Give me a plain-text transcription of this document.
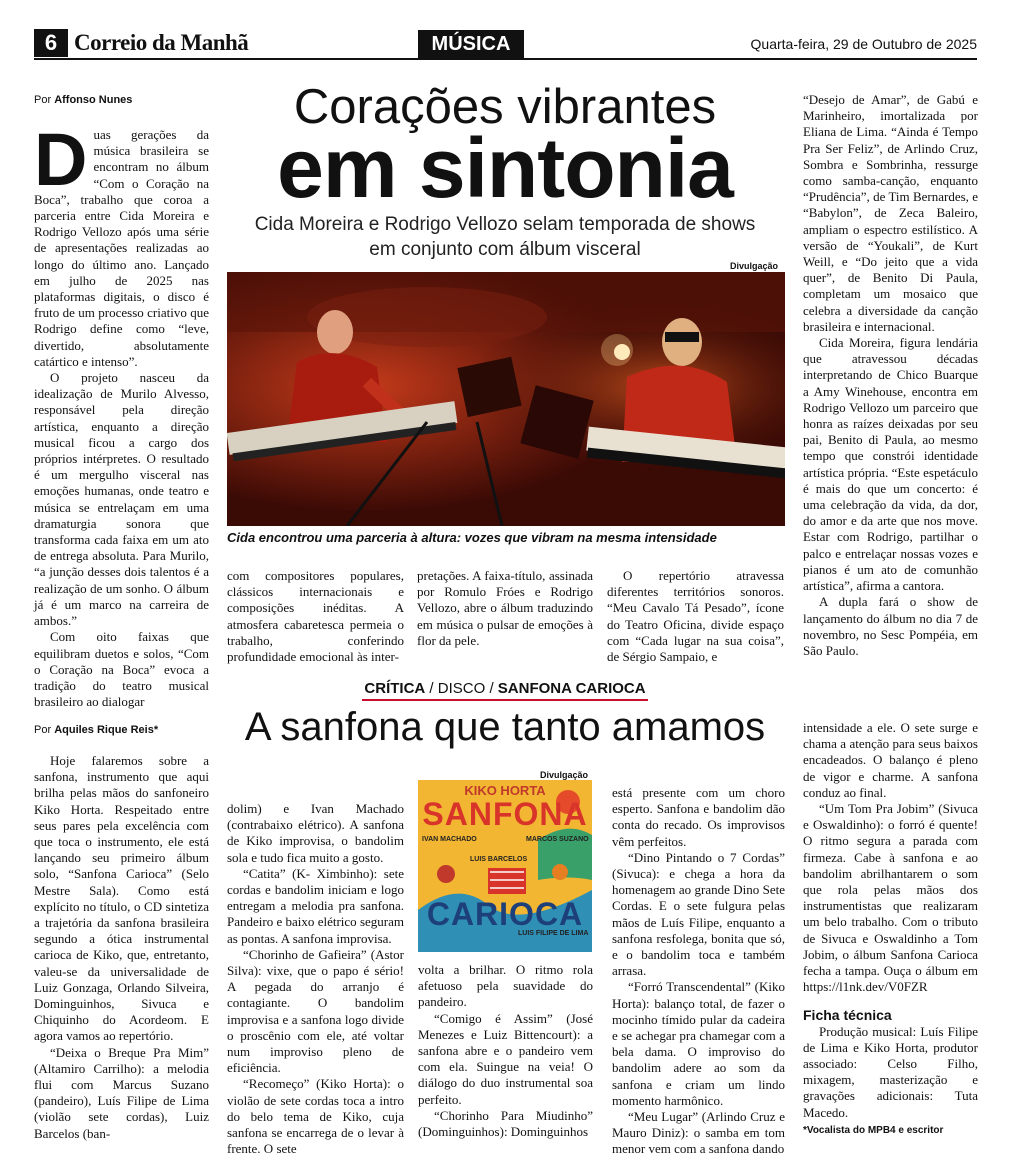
6 Correio da Manhã	MÚSICA	Quarta-feira, 29 de Outubro de 2025
Por Affonso Nunes	Corações vibrantes
em sintonia
Cida Moreira e Rodrigo Vellozo selam temporada de shows em conjunto com álbum visceral
Divulgação
Cida encontrou uma parceria à altura: vozes que vibram na mesma intensidade

Duas gerações da música brasileira se encontram no álbum “Com o Coração na Boca”, trabalho que coroa a parceria entre Cida Moreira e Rodrigo Vellozo após uma série de apresentações realizadas ao longo do último ano. Lançado em julho de 2025 nas plataformas digitais, o disco é fruto de um processo criativo que Rodrigo define como “leve, divertido, absolutamente catártico e intenso”.

O projeto nasceu da idealização de Murilo Alvesso, responsável pela direção artística, enquanto a direção musical ficou a cargo dos próprios intérpretes. O resultado é um mergulho visceral nas emoções humanas, onde teatro e música se entrelaçam em uma dramaturgia sonora que transforma cada faixa em um ato de entrega absoluta. Para Murilo, “a junção desses dois talentos é a realização de um sonho. O álbum já é um marco na carreira de ambos.”

Com oito faixas que equilibram duetos e solos, “Com o Coração na Boca” evoca a tradição do teatro musical brasileiro ao dialogar

com compositores populares, clássicos internacionais e composições inéditas. A atmosfera cabaretesca permeia o trabalho, conferindo profundidade emocional às inter-

pretações. A faixa-título, assinada por Romulo Fróes e Rodrigo Vellozo, abre o álbum traduzindo em música o pulsar de emoções à flor da pele.

O repertório atravessa diferentes territórios sonoros. “Meu Cavalo Tá Pesado”, ícone do Teatro Oficina, divide espaço com “Cada lugar na sua coisa”, de Sérgio Sampaio, e

“Desejo de Amar”, de Gabú e Marinheiro, imortalizada por Eliana de Lima. “Ainda é Tempo Pra Ser Feliz”, de Arlindo Cruz, Sombra e Sombrinha, ressurge como samba-canção, enquanto “Prudência”, de Tim Bernardes, e “Babylon”, de Zeca Baleiro, ampliam o espectro estilístico. A versão de “Youkali”, de Kurt Weill, e “Do jeito que a vida quer”, de Benito Di Paula, completam um mosaico que celebra a diversidade da canção brasileira e internacional.

Cida Moreira, figura lendária que atravessou décadas interpretando de Chico Buarque a Amy Winehouse, encontra em Rodrigo Vellozo um parceiro que honra as raízes deixadas por seu pai, Benito di Paula, ao mesmo tempo que constrói identidade artística própria. “Este espetáculo é mais do que um concerto: é uma celebração da vida, da dor, do amor e da arte que nos move. Estar com Rodrigo, partilhar o palco e entrelaçar nossas vozes e pianos é um ato de comunhão artística”, afirma a cantora.

A dupla fará o show de lançamento do álbum no dia 7 de novembro, no Sesc Pompéia, em São Paulo.

CRÍTICA / DISCO / SANFONA CARIOCA
A sanfona que tanto amamos
Por Aquiles Rique Reis*
Divulgação
KIKO HORTA
SANFONA
CARIOCA
IVAN MACHADO	MARCOS SUZANO
LUIS BARCELOS
LUIS FILIPE DE LIMA

Hoje falaremos sobre a sanfona, instrumento que aqui brilha pelas mãos do sanfoneiro Kiko Horta. Respeitado entre seus pares pela excelência com que toca o instrumento, ele está lançando seu primeiro álbum solo, “Sanfona Carioca” (Selo Mestre Sala). Como está explícito no título, o CD sintetiza a trajetória da sanfona brasileira segundo a ótica instrumental carioca de Kiko, que, entretanto, valeu-se da universalidade de Luiz Gonzaga, Orlando Silveira, Dominguinhos, Sivuca e Chiquinho do Acordeom. E agora vamos ao repertório.

“Deixa o Breque Pra Mim” (Altamiro Carrilho): a melodia flui com Marcus Suzano (pandeiro), Luís Filipe de Lima (violão sete cordas), Luiz Barcelos (ban-

dolim) e Ivan Machado (contrabaixo elétrico). A sanfona de Kiko improvisa, o bandolim sola e tudo fica muito a gosto.

“Catita” (K- Ximbinho): sete cordas e bandolim iniciam e logo entregam a melodia pra sanfona. Pandeiro e baixo elétrico seguram as pontas. A sanfona improvisa.

“Chorinho de Gafieira” (Astor Silva): vixe, que o papo é sério! A pegada do arranjo é contagiante. O bandolim improvisa e a sanfona logo divide o proscênio com ele, até voltar num improviso pleno de eficiência.

“Recomeço” (Kiko Horta): o violão de sete cordas toca a intro do belo tema de Kiko, cuja sanfona se encarrega de o levar à frente. O sete

volta a brilhar. O ritmo rola afetuoso pela suavidade do pandeiro.

“Comigo é Assim” (José Menezes e Luiz Bittencourt): a sanfona abre e o pandeiro vem com ela. Suingue na veia! O diálogo do duo instrumental soa perfeito.

“Chorinho Para Miudinho” (Dominguinhos): Dominguinhos

está presente com um choro esperto. Sanfona e bandolim dão conta do recado. Os improvisos vêm perfeitos.

“Dino Pintando o 7 Cordas” (Sivuca): e chega a hora da homenagem ao grande Dino Sete Cordas. E o sete fulgura pelas mãos de Luís Filipe, enquanto a sanfona resfolega, bonita que só, e o bandolim toca e também arrasa.

“Forró Transcendental” (Kiko Horta): balanço total, de fazer o mocinho tímido pular da cadeira e se achegar pra chamegar com a bela dama. O improviso do bandolim adere ao som da sanfona e criam um lindo momento harmônico.

“Meu Lugar” (Arlindo Cruz e Mauro Diniz): o samba em tom menor vem com a sanfona dando

intensidade a ele. O sete surge e chama a atenção para seus baixos encadeados. O balanço é pleno de vigor e charme. A sanfona conduz ao final.

“Um Tom Pra Jobim” (Sivuca e Oswaldinho): o forró é quente! O ritmo segura a parada com firmeza. Cabe à sanfona e ao bandolim abrilhantarem o som que rola pelas mãos dos instrumentistas que realizaram um belo trabalho. Com o tributo de Sivuca e Oswaldinho a Tom Jobim, o álbum Sanfona Carioca fecha a tampa. Ouça o álbum em https://l1nk.dev/V0FZR

Ficha técnica

Produção musical: Luís Filipe de Lima e Kiko Horta, produtor associado: Celso Filho, mixagem, masterização e gravações adicionais: Tuta Macedo.

*Vocalista do MPB4 e escritor
